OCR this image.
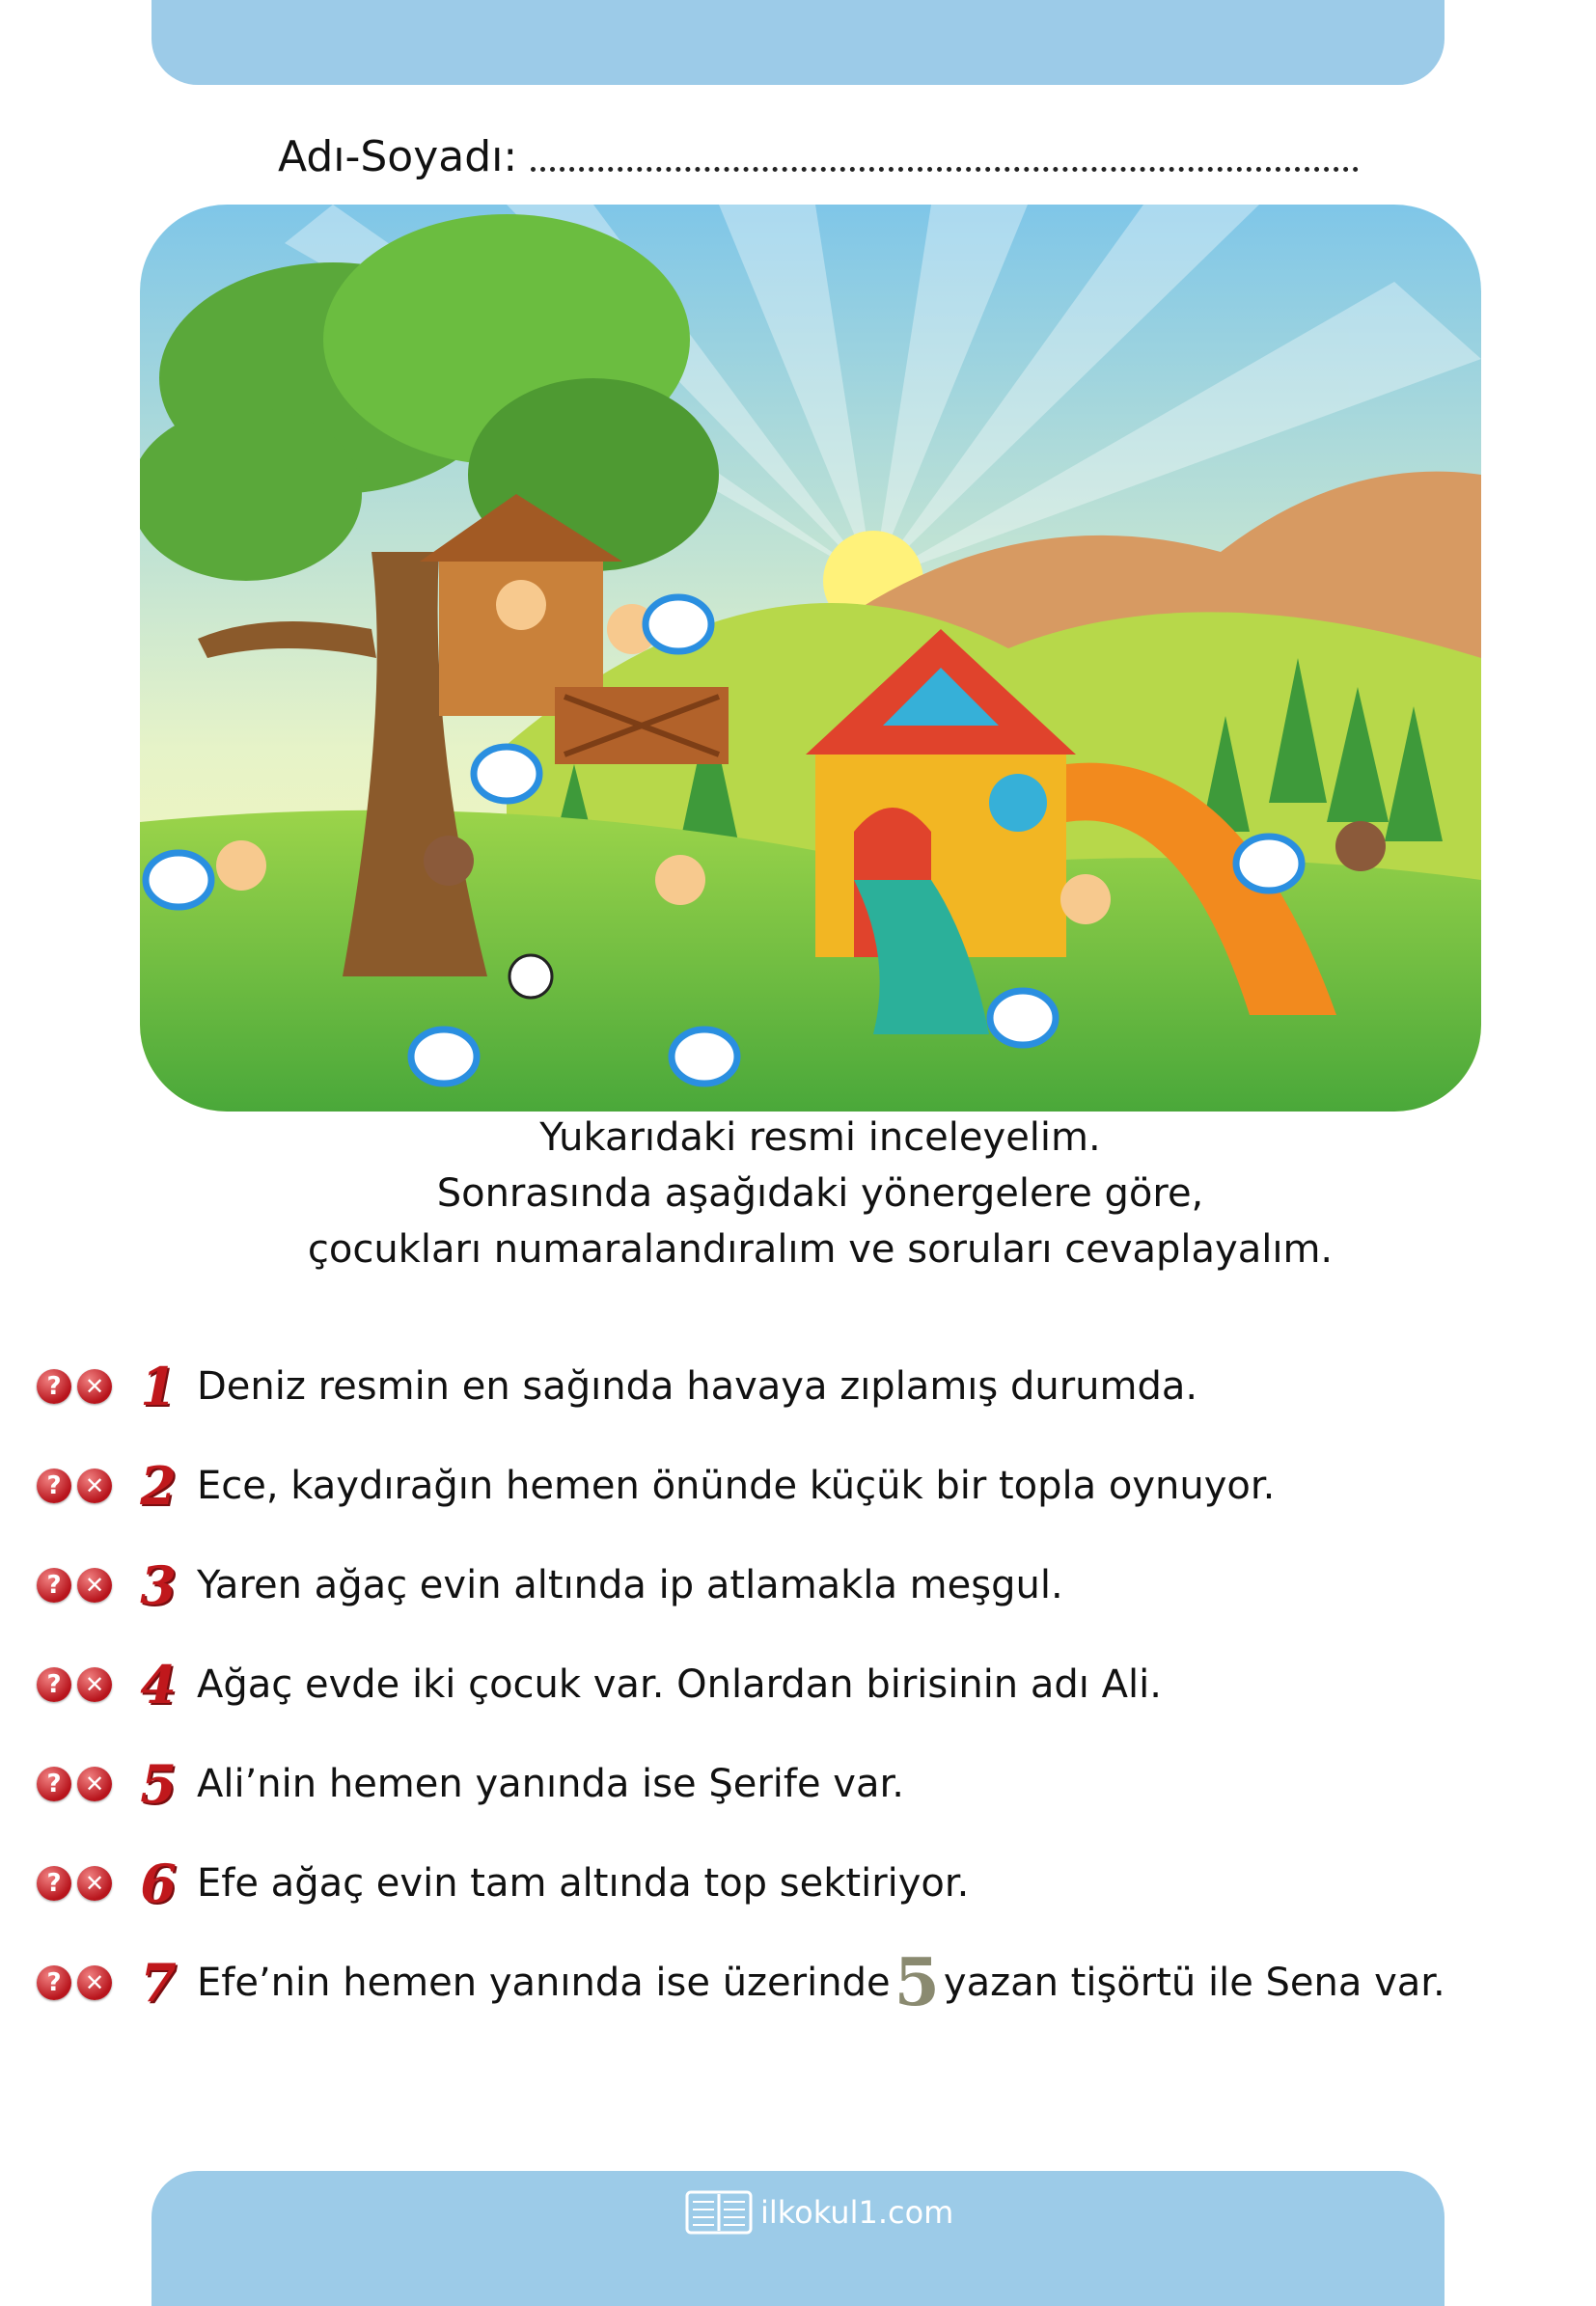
Adı-Soyadı:
Yukarıdaki resmi inceleyelim.
Sonrasında aşağıdaki yönergelere göre,
çocukları numaralandıralım ve soruları cevaplayalım.
?	✕ 1 Deniz resmin en sağında havaya zıplamış durumda.
?	✕ 2 Ece, kaydırağın hemen önünde küçük bir topla oynuyor.
?	✕ 3 Yaren ağaç evin altında ip atlamakla meşgul.
?	✕ 4 Ağaç evde iki çocuk var. Onlardan birisinin adı Ali.
?	✕ 5 Ali’nin hemen yanında ise Şerife var.
?	✕ 6 Efe ağaç evin tam altında top sektiriyor.
?	✕ 7 Efe’nin hemen yanında ise üzerinde 5 yazan tişörtü ile Sena var.
ilkokul1.com
